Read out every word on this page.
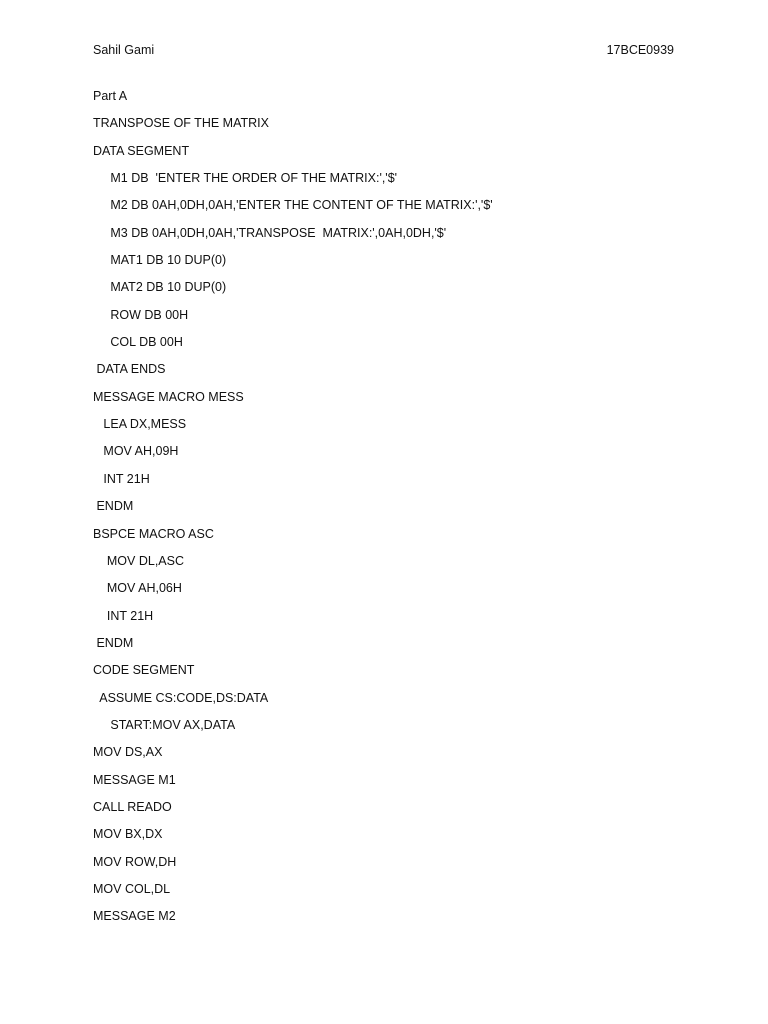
Sahil Gami	17BCE0939
Part A
TRANSPOSE OF THE MATRIX
DATA SEGMENT
M1 DB  'ENTER THE ORDER OF THE MATRIX:','$'
M2 DB 0AH,0DH,0AH,'ENTER THE CONTENT OF THE MATRIX:','$'
M3 DB 0AH,0DH,0AH,'TRANSPOSE  MATRIX:',0AH,0DH,'$'
MAT1 DB 10 DUP(0)
MAT2 DB 10 DUP(0)
ROW DB 00H
COL DB 00H
DATA ENDS
MESSAGE MACRO MESS
LEA DX,MESS
MOV AH,09H
INT 21H
ENDM
BSPCE MACRO ASC
MOV DL,ASC
MOV AH,06H
INT 21H
ENDM
CODE SEGMENT
ASSUME CS:CODE,DS:DATA
START:MOV AX,DATA
MOV DS,AX
MESSAGE M1
CALL READO
MOV BX,DX
MOV ROW,DH
MOV COL,DL
MESSAGE M2
